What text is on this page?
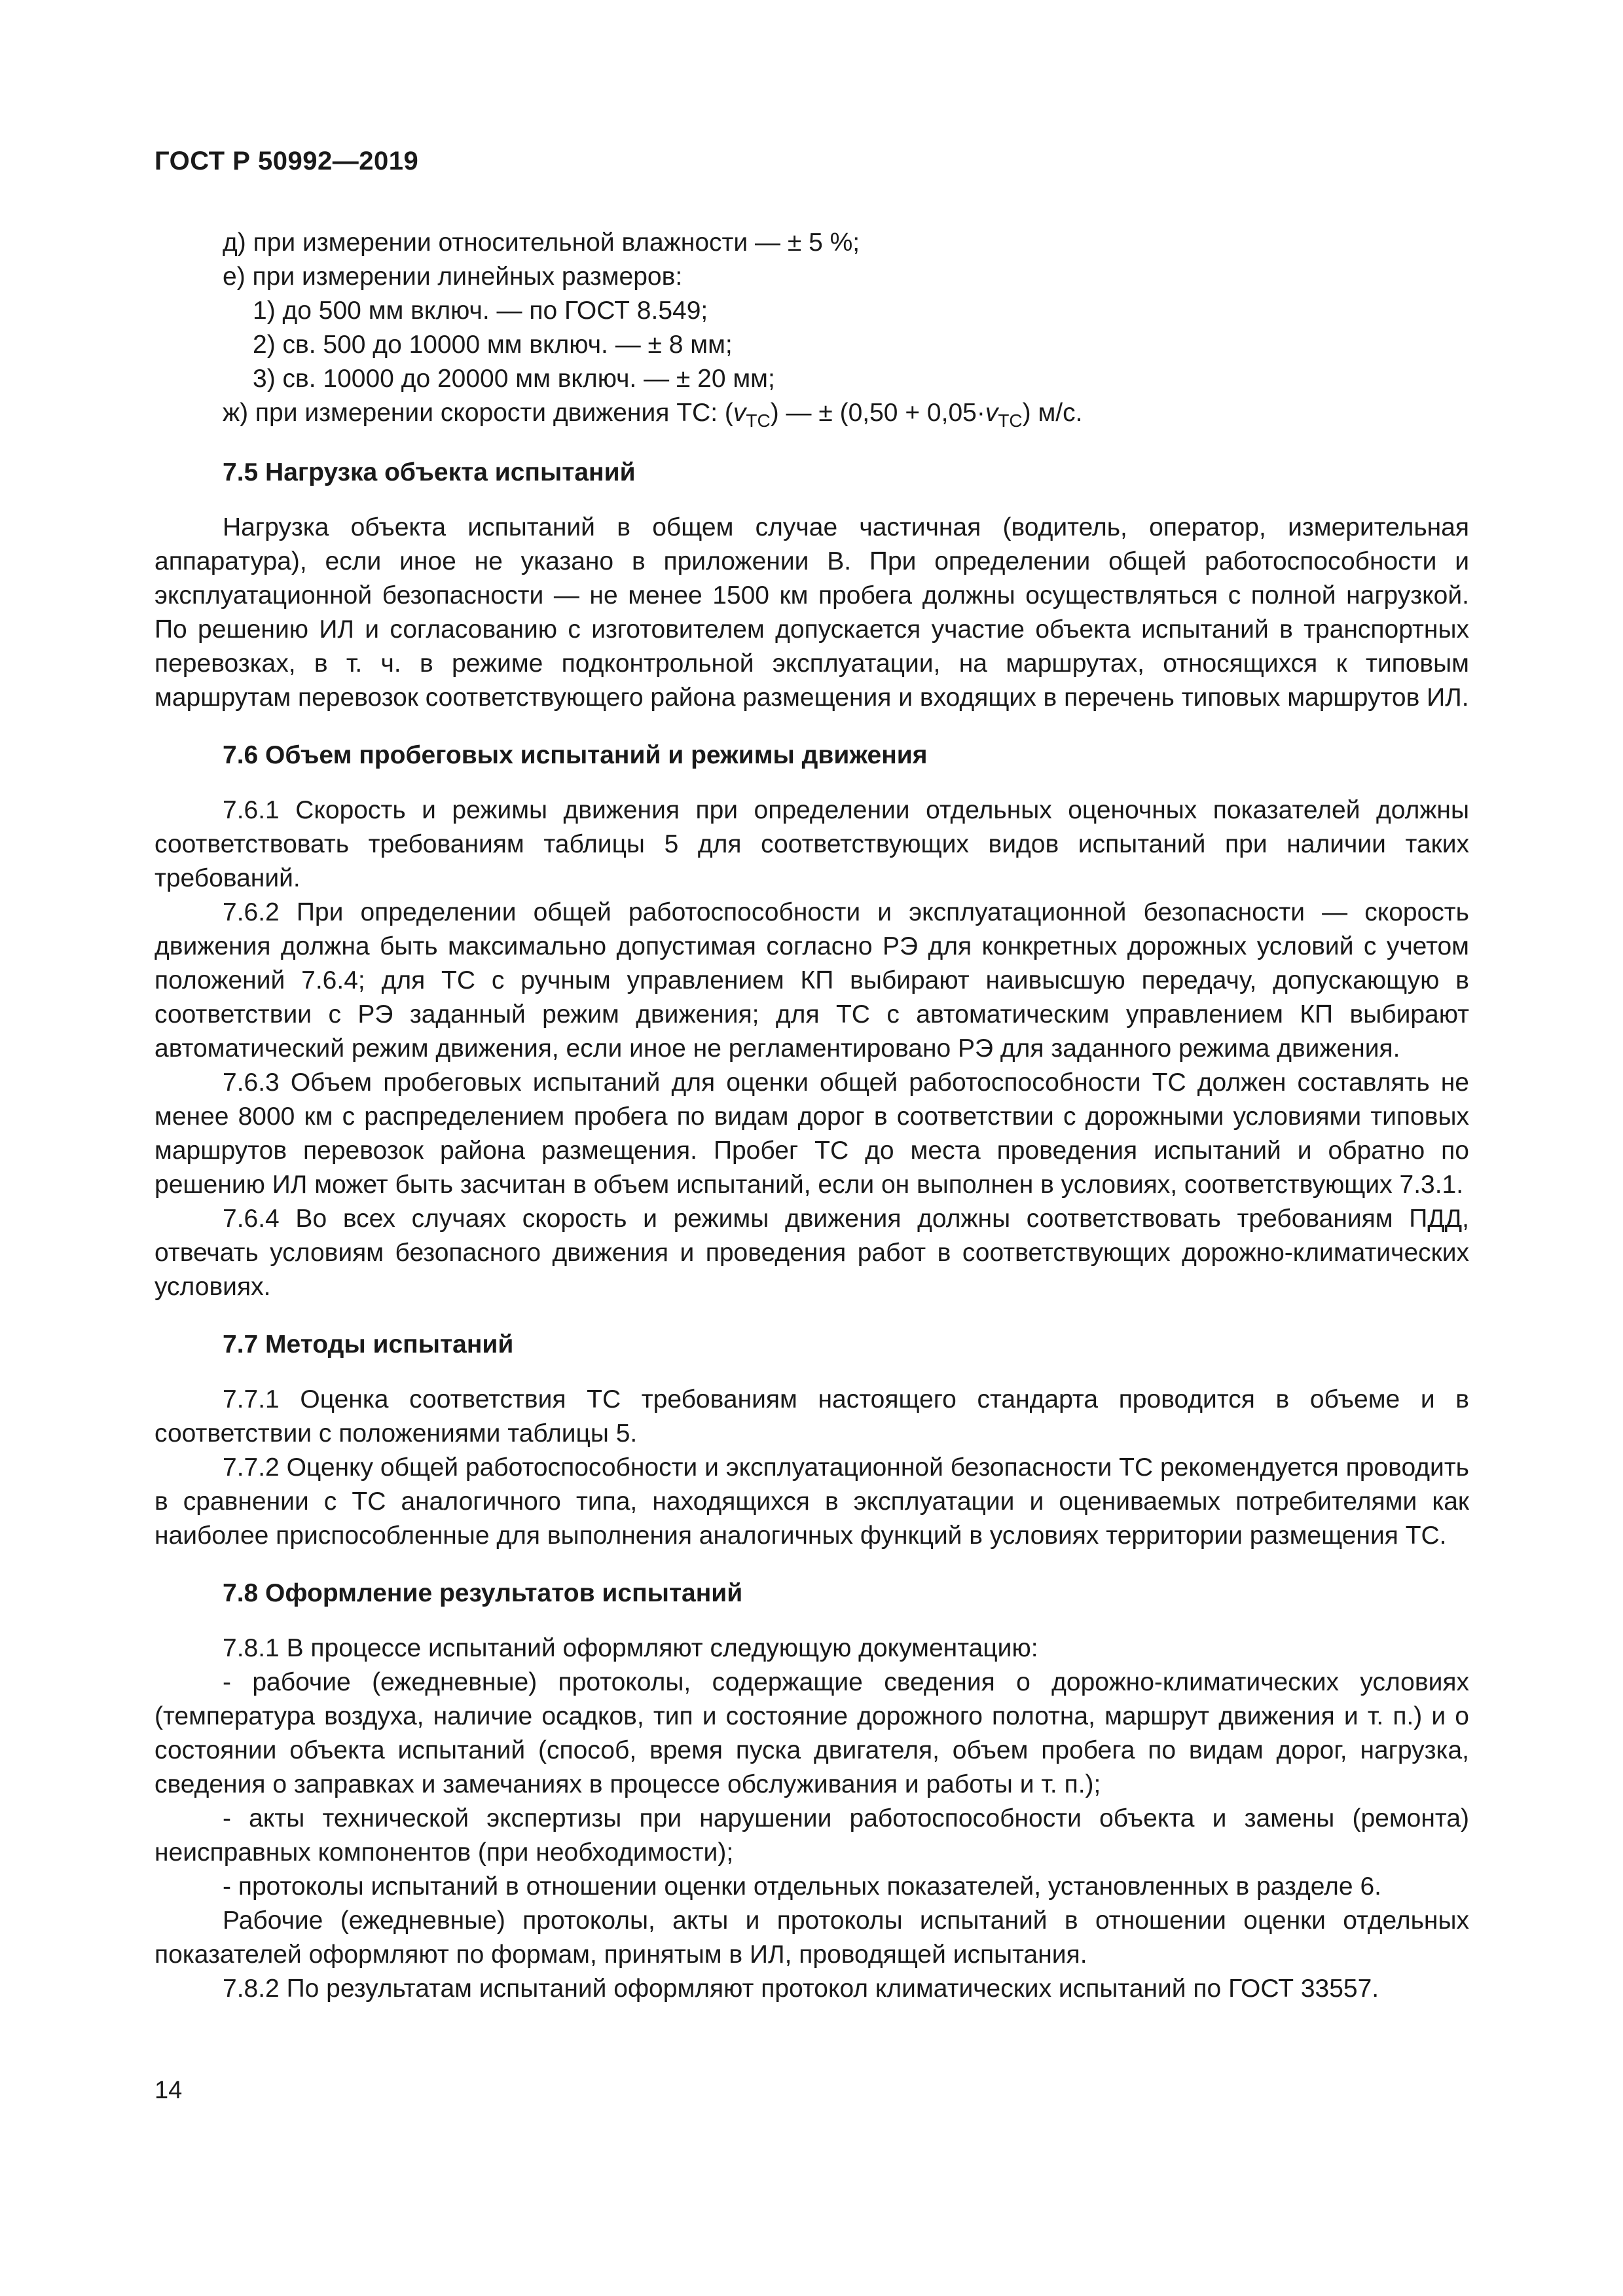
ГОСТ Р 50992—2019

д) при измерении относительной влажности — ± 5 %;

е) при измерении линейных размеров:

1) до 500 мм включ. — по ГОСТ 8.549;

2) св. 500 до 10000 мм включ. — ± 8 мм;

3) св. 10000 до 20000 мм включ. — ± 20 мм;

ж) при измерении скорости движения ТС: $(v_{ТС})$ — ± $(0,50 + 0,05\cdot v_{ТС})$ м/с.

7.5 Нагрузка объекта испытаний

Нагрузка объекта испытаний в общем случае частичная (водитель, оператор, измерительная аппаратура), если иное не указано в приложении В. При определении общей работоспособности и эксплуатационной безопасности — не менее 1500 км пробега должны осуществляться с полной нагрузкой. По решению ИЛ и согласованию с изготовителем допускается участие объекта испытаний в транспортных перевозках, в т. ч. в режиме подконтрольной эксплуатации, на маршрутах, относящихся к типовым маршрутам перевозок соответствующего района размещения и входящих в перечень типовых маршрутов ИЛ.

7.6 Объем пробеговых испытаний и режимы движения

7.6.1 Скорость и режимы движения при определении отдельных оценочных показателей должны соответствовать требованиям таблицы 5 для соответствующих видов испытаний при наличии таких требований.

7.6.2 При определении общей работоспособности и эксплуатационной безопасности — скорость движения должна быть максимально допустимая согласно РЭ для конкретных дорожных условий с учетом положений 7.6.4; для ТС с ручным управлением КП выбирают наивысшую передачу, допускающую в соответствии с РЭ заданный режим движения; для ТС с автоматическим управлением КП выбирают автоматический режим движения, если иное не регламентировано РЭ для заданного режима движения.

7.6.3 Объем пробеговых испытаний для оценки общей работоспособности ТС должен составлять не менее 8000 км с распределением пробега по видам дорог в соответствии с дорожными условиями типовых маршрутов перевозок района размещения. Пробег ТС до места проведения испытаний и обратно по решению ИЛ может быть засчитан в объем испытаний, если он выполнен в условиях, соответствующих 7.3.1.

7.6.4 Во всех случаях скорость и режимы движения должны соответствовать требованиям ПДД, отвечать условиям безопасного движения и проведения работ в соответствующих дорожно-климатических условиях.

7.7 Методы испытаний

7.7.1 Оценка соответствия ТС требованиям настоящего стандарта проводится в объеме и в соответствии с положениями таблицы 5.

7.7.2 Оценку общей работоспособности и эксплуатационной безопасности ТС рекомендуется проводить в сравнении с ТС аналогичного типа, находящихся в эксплуатации и оцениваемых потребителями как наиболее приспособленные для выполнения аналогичных функций в условиях территории размещения ТС.

7.8 Оформление результатов испытаний

7.8.1 В процессе испытаний оформляют следующую документацию:

- рабочие (ежедневные) протоколы, содержащие сведения о дорожно-климатических условиях (температура воздуха, наличие осадков, тип и состояние дорожного полотна, маршрут движения и т. п.) и о состоянии объекта испытаний (способ, время пуска двигателя, объем пробега по видам дорог, нагрузка, сведения о заправках и замечаниях в процессе обслуживания и работы и т. п.);

- акты технической экспертизы при нарушении работоспособности объекта и замены (ремонта) неисправных компонентов (при необходимости);

- протоколы испытаний в отношении оценки отдельных показателей, установленных в разделе 6.

Рабочие (ежедневные) протоколы, акты и протоколы испытаний в отношении оценки отдельных показателей оформляют по формам, принятым в ИЛ, проводящей испытания.

7.8.2 По результатам испытаний оформляют протокол климатических испытаний по ГОСТ 33557.

14
